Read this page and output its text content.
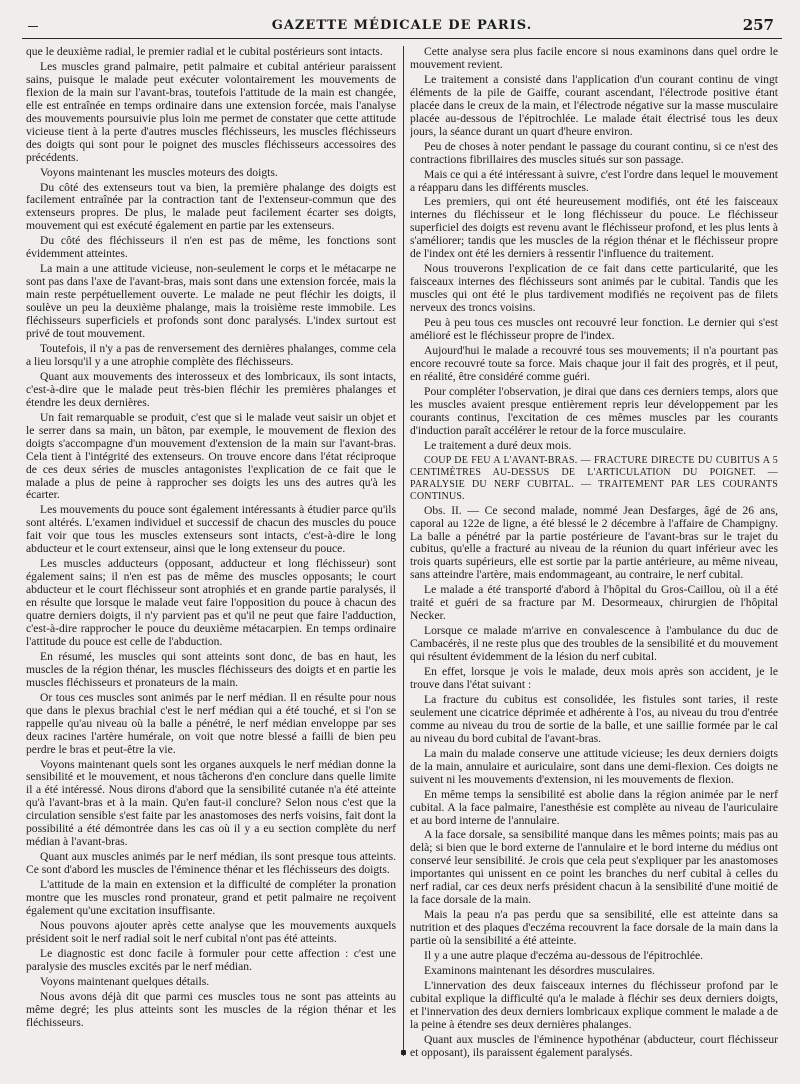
GAZETTE MÉDICALE DE PARIS.	257

que le deuxième radial, le premier radial et le cubital postérieurs sont intacts.

Les muscles grand palmaire, petit palmaire et cubital antérieur paraissent sains, puisque le malade peut exécuter volontairement les mouvements de flexion de la main sur l'avant-bras, toutefois l'attitude de la main est changée, elle est entraînée en temps ordinaire dans une extension forcée, mais l'analyse des mouvements poursuivie plus loin me permet de constater que cette attitude vicieuse tient à la perte d'autres muscles fléchisseurs, les muscles fléchisseurs des doigts qui sont pour le poignet des muscles fléchisseurs accessoires des précédents.

Voyons maintenant les muscles moteurs des doigts.

Du côté des extenseurs tout va bien, la première phalange des doigts est facilement entraînée par la contraction tant de l'extenseur-commun que des extenseurs propres. De plus, le malade peut facilement écarter ses doigts, mouvement qui est exécuté également en partie par les extenseurs.

Du côté des fléchisseurs il n'en est pas de même, les fonctions sont évidemment atteintes.

La main a une attitude vicieuse, non-seulement le corps et le métacarpe ne sont pas dans l'axe de l'avant-bras, mais sont dans une extension forcée, mais la main reste perpétuellement ouverte. Le malade ne peut fléchir les doigts, il soulève un peu la deuxième phalange, mais la troisième reste immobile. Les fléchisseurs superficiels et profonds sont donc paralysés. L'index surtout est privé de tout mouvement.

Toutefois, il n'y a pas de renversement des dernières phalanges, comme cela a lieu lorsqu'il y a une atrophie complète des fléchisseurs.

Quant aux mouvements des interosseux et des lombricaux, ils sont intacts, c'est-à-dire que le malade peut très-bien fléchir les premières phalanges et étendre les deux dernières.

Un fait remarquable se produit, c'est que si le malade veut saisir un objet et le serrer dans sa main, un bâton, par exemple, le mouvement de flexion des doigts s'accompagne d'un mouvement d'extension de la main sur l'avant-bras. Cela tient à l'intégrité des extenseurs. On trouve encore dans l'état réciproque de ces deux séries de muscles antagonistes l'explication de ce fait que le malade a plus de peine à rapprocher ses doigts les uns des autres qu'à les écarter.

Les mouvements du pouce sont également intéressants à étudier parce qu'ils sont altérés. L'examen individuel et successif de chacun des muscles du pouce fait voir que tous les muscles extenseurs sont intacts, c'est-à-dire le long abducteur et le court extenseur, ainsi que le long extenseur du pouce.

Les muscles adducteurs (opposant, adducteur et long fléchisseur) sont également sains; il n'en est pas de même des muscles opposants; le court abducteur et le court fléchisseur sont atrophiés et en grande partie paralysés, il en résulte que lorsque le malade veut faire l'opposition du pouce à chacun des quatre derniers doigts, il n'y parvient pas et qu'il ne peut que faire l'adduction, c'est-à-dire rapprocher le pouce du deuxième métacarpien. En temps ordinaire l'attitude du pouce est celle de l'abduction.

En résumé, les muscles qui sont atteints sont donc, de bas en haut, les muscles de la région thénar, les muscles fléchisseurs des doigts et en partie les muscles fléchisseurs et pronateurs de la main.

Or tous ces muscles sont animés par le nerf médian. Il en résulte pour nous que dans le plexus brachial c'est le nerf médian qui a été touché, et si l'on se rappelle qu'au niveau où la balle a pénétré, le nerf médian enveloppe par ses deux racines l'artère humérale, on voit que notre blessé a failli de bien peu perdre le bras et peut-être la vie.

Voyons maintenant quels sont les organes auxquels le nerf médian donne la sensibilité et le mouvement, et nous tâcherons d'en conclure dans quelle limite il a été intéressé. Nous dirons d'abord que la sensibilité cutanée n'a été atteinte qu'à l'avant-bras et à la main. Qu'en faut-il conclure? Selon nous c'est que la circulation sensible s'est faite par les anastomoses des nerfs voisins, fait dont la possibilité a été démontrée dans les cas où il y a eu section complète du nerf médian à l'avant-bras.

Quant aux muscles animés par le nerf médian, ils sont presque tous atteints. Ce sont d'abord les muscles de l'éminence thénar et les fléchisseurs des doigts.

L'attitude de la main en extension et la difficulté de compléter la pronation montre que les muscles rond pronateur, grand et petit palmaire ne reçoivent également qu'une excitation insuffisante.

Nous pouvons ajouter après cette analyse que les mouvements auxquels président soit le nerf radial soit le nerf cubital n'ont pas été atteints.

Le diagnostic est donc facile à formuler pour cette affection : c'est une paralysie des muscles excités par le nerf médian.

Voyons maintenant quelques détails.

Nous avons déjà dit que parmi ces muscles tous ne sont pas atteints au même degré; les plus atteints sont les muscles de la région thénar et les fléchisseurs.

Cette analyse sera plus facile encore si nous examinons dans quel ordre le mouvement revient.

Le traitement a consisté dans l'application d'un courant continu de vingt éléments de la pile de Gaiffe, courant ascendant, l'électrode positive étant placée dans le creux de la main, et l'électrode négative sur la masse musculaire placée au-dessous de l'épitrochlée. Le malade était électrisé tous les deux jours, la séance durant un quart d'heure environ.

Peu de choses à noter pendant le passage du courant continu, si ce n'est des contractions fibrillaires des muscles situés sur son passage.

Mais ce qui a été intéressant à suivre, c'est l'ordre dans lequel le mouvement a réapparu dans les différents muscles.

Les premiers, qui ont été heureusement modifiés, ont été les faisceaux internes du fléchisseur et le long fléchisseur du pouce. Le fléchisseur superficiel des doigts est revenu avant le fléchisseur profond, et les plus lents à s'améliorer; tandis que les muscles de la région thénar et le fléchisseur propre de l'index ont été les derniers à ressentir l'influence du traitement.

Nous trouverons l'explication de ce fait dans cette particularité, que les faisceaux internes des fléchisseurs sont animés par le cubital. Tandis que les muscles qui ont été le plus tardivement modifiés ne reçoivent pas de filets nerveux des troncs voisins.

Peu à peu tous ces muscles ont recouvré leur fonction. Le dernier qui s'est amélioré est le fléchisseur propre de l'index.

Aujourd'hui le malade a recouvré tous ses mouvements; il n'a pourtant pas encore recouvré toute sa force. Mais chaque jour il fait des progrès, et il peut, en réalité, être considéré comme guéri.

Pour compléter l'observation, je dirai que dans ces derniers temps, alors que les muscles avaient presque entièrement repris leur développement par les courants continus, l'excitation de ces mêmes muscles par les courants d'induction paraît accélérer le retour de la force musculaire.

Le traitement a duré deux mois.

COUP DE FEU A L'AVANT-BRAS. — FRACTURE DIRECTE DU CUBITUS A 5 CENTIMÈTRES AU-DESSUS DE L'ARTICULATION DU POIGNET. — PARALYSIE DU NERF CUBITAL. — TRAITEMENT PAR LES COURANTS CONTINUS.

Obs. II. — Ce second malade, nommé Jean Desfarges, âgé de 26 ans, caporal au 122e de ligne, a été blessé le 2 décembre à l'affaire de Champigny. La balle a pénétré par la partie postérieure de l'avant-bras sur le trajet du cubitus, qu'elle a fracturé au niveau de la réunion du quart inférieur avec les trois quarts supérieurs, elle est sortie par la partie antérieure, au même niveau, sans atteindre l'artère, mais endommageant, au contraire, le nerf cubital.

Le malade a été transporté d'abord à l'hôpital du Gros-Caillou, où il a été traité et guéri de sa fracture par M. Desormeaux, chirurgien de l'hôpital Necker.

Lorsque ce malade m'arrive en convalescence à l'ambulance du duc de Cambacérès, il ne reste plus que des troubles de la sensibilité et du mouvement qui résultent évidemment de la lésion du nerf cubital.

En effet, lorsque je vois le malade, deux mois après son accident, je le trouve dans l'état suivant :

La fracture du cubitus est consolidée, les fistules sont taries, il reste seulement une cicatrice déprimée et adhérente à l'os, au niveau du trou d'entrée comme au niveau du trou de sortie de la balle, et une saillie formée par le cal au niveau du bord cubital de l'avant-bras.

La main du malade conserve une attitude vicieuse; les deux derniers doigts de la main, annulaire et auriculaire, sont dans une demi-flexion. Ces doigts ne suivent ni les mouvements d'extension, ni les mouvements de flexion.

En même temps la sensibilité est abolie dans la région animée par le nerf cubital. A la face palmaire, l'anesthésie est complète au niveau de l'auriculaire et au bord interne de l'annulaire.

A la face dorsale, sa sensibilité manque dans les mêmes points; mais pas au delà; si bien que le bord externe de l'annulaire et le bord interne du médius ont conservé leur sensibilité. Je crois que cela peut s'expliquer par les anastomoses importantes qui unissent en ce point les branches du nerf cubital à celles du nerf radial, car ces deux nerfs président chacun à la sensibilité d'une moitié de la face dorsale de la main.

Mais la peau n'a pas perdu que sa sensibilité, elle est atteinte dans sa nutrition et des plaques d'eczéma recouvrent la face dorsale de la main dans la partie où la sensibilité a été atteinte.

Il y a une autre plaque d'eczéma au-dessous de l'épitrochlée.

Examinons maintenant les désordres musculaires.

L'innervation des deux faisceaux internes du fléchisseur profond par le cubital explique la difficulté qu'a le malade à fléchir ses deux derniers doigts, et l'innervation des deux derniers lombricaux explique comment le malade a de la peine à étendre ses deux dernières phalanges.

Quant aux muscles de l'éminence hypothénar (abducteur, court fléchisseur et opposant), ils paraissent également paralysés.
